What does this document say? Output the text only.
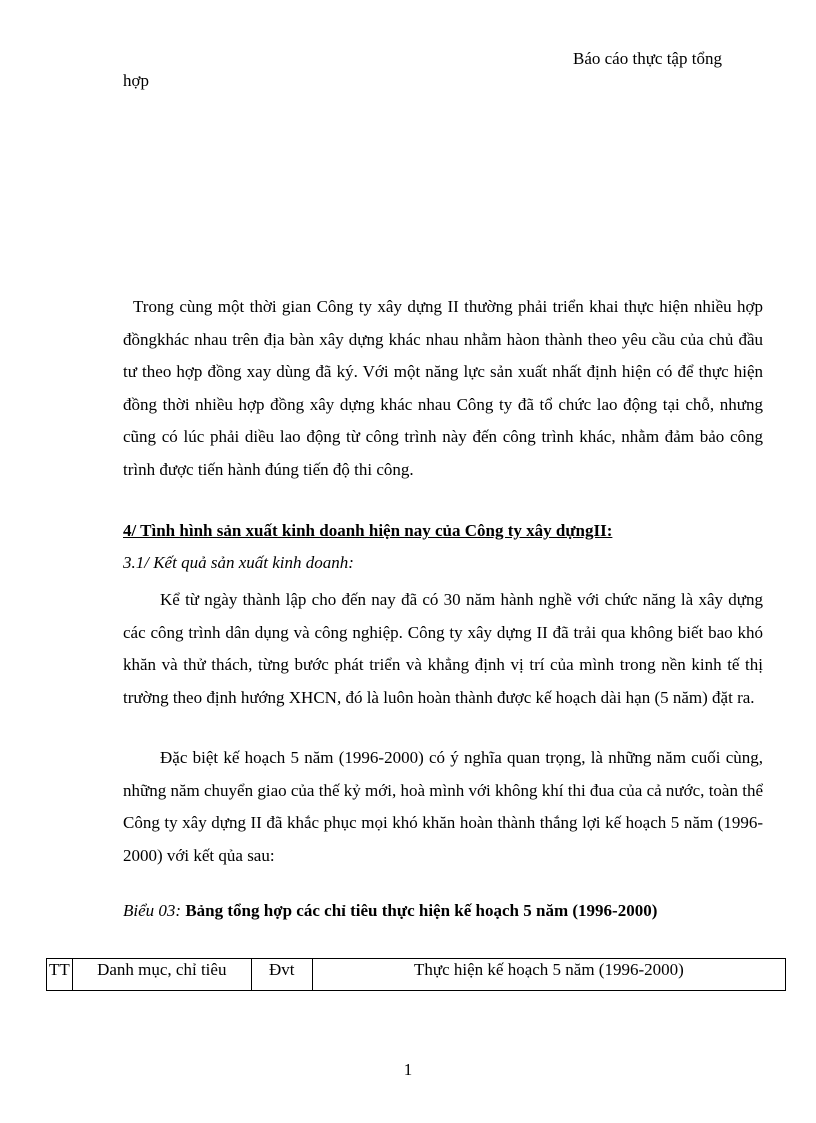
Báo cáo thực tập tổng
hợp
Trong cùng một thời gian Công ty xây dựng II thường phải triển khai thực hiện nhiều hợp đồngkhác nhau trên địa bàn xây dựng khác nhau nhằm hàon thành theo yêu cầu của chủ đầu tư theo hợp đồng xay dùng đã ký. Với một năng lực sản xuất nhất định hiện có để thực hiện đồng thời nhiều hợp đồng xây dựng khác nhau Công ty đã tổ chức lao động tại chỗ, nhưng cũng có lúc phải diều lao động từ công trình này đến công trình khác, nhằm đảm bảo công trình được tiến hành đúng tiến độ thi công.
4/ Tình hình sản xuất kinh doanh hiện nay của Công ty xây dựngII:
3.1/ Kết quả sản xuất kinh doanh:
Kể từ ngày thành lập cho đến nay đã có 30 năm hành nghề với chức năng là xây dựng các công trình dân dụng và công nghiệp. Công ty xây dựng II đã trải qua không biết bao khó khăn và thử thách, từng bước phát triển và khẳng định vị trí của mình trong nền kinh tế thị trường theo định hướng XHCN, đó là luôn hoàn thành được kế hoạch dài hạn (5 năm) đặt ra.
Đặc biệt kế hoạch 5 năm (1996-2000) có ý nghĩa quan trọng, là những năm cuối cùng, những năm chuyển giao của thế kỷ mới, hoà mình với không khí thi đua của cả nước, toàn thể Công ty xây dựng II đã khắc phục mọi khó khăn hoàn thành thắng lợi kế hoạch 5 năm (1996-2000) với kết qủa sau:
Biểu 03: Bảng tổng hợp các chỉ tiêu thực hiện kế hoạch 5 năm (1996-2000)
TT	Danh mục, chỉ tiêu	Đvt	Thực hiện kế hoạch 5 năm (1996-2000)
1
